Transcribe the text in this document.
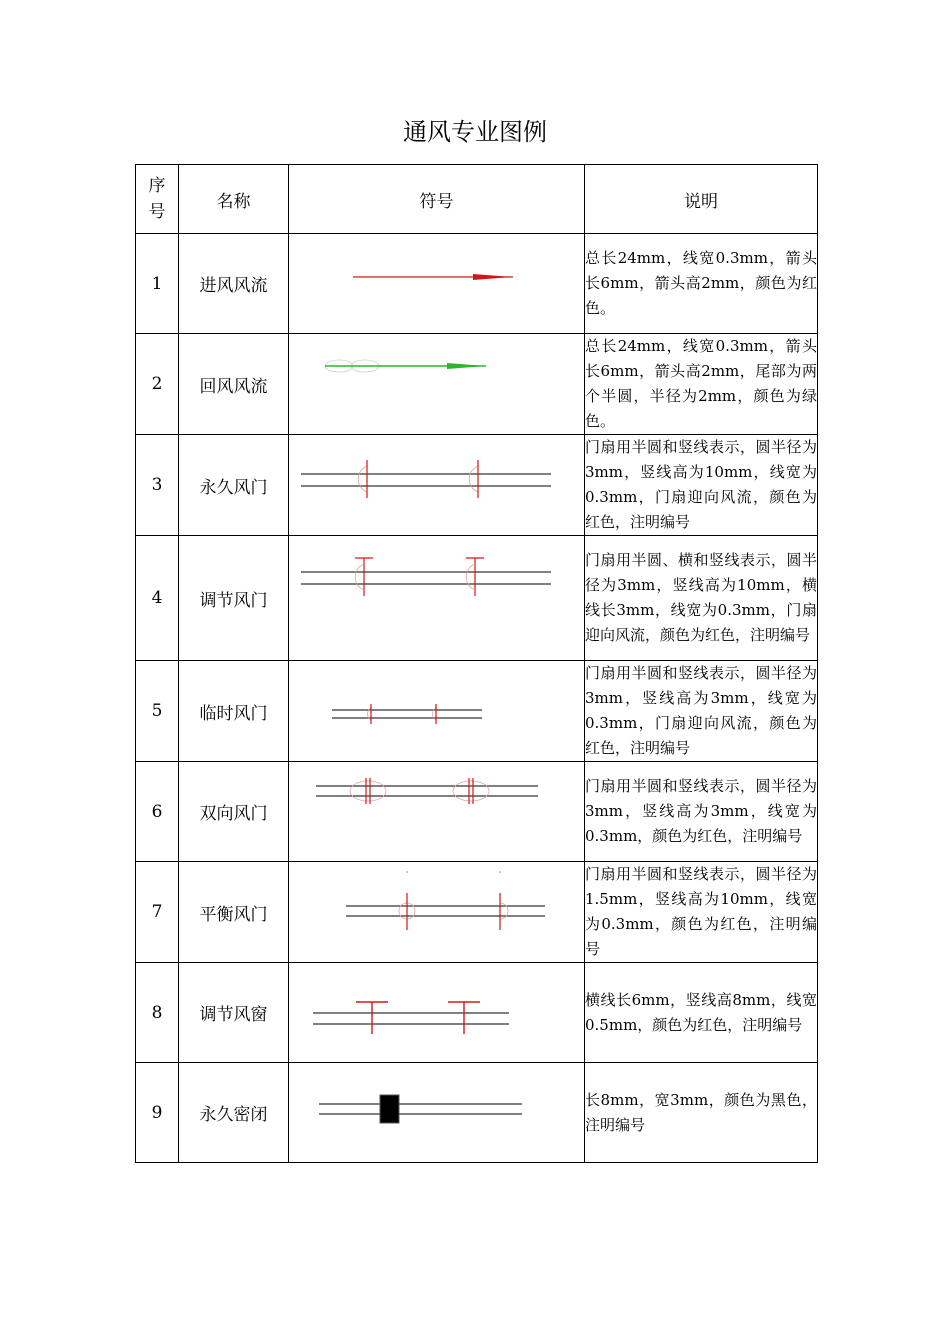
通风专业图例
序
号	名称	符号	说明
1	进风风流		总长24mm，线宽0.3mm，箭头长6mm，箭头高2mm，颜色为红色。
2	回风风流		总长24mm，线宽0.3mm，箭头长6mm，箭头高2mm，尾部为两个半圆，半径为2mm，颜色为绿色。
3	永久风门		门扇用半圆和竖线表示，圆半径为3mm，竖线高为10mm，线宽为0.3mm，门扇迎向风流，颜色为红色，注明编号
4	调节风门		门扇用半圆、横和竖线表示，圆半径为3mm，竖线高为10mm，横线长3mm，线宽为0.3mm，门扇迎向风流，颜色为红色，注明编号
5	临时风门		门扇用半圆和竖线表示，圆半径为3mm，竖线高为3mm，线宽为0.3mm，门扇迎向风流，颜色为红色，注明编号
6	双向风门		门扇用半圆和竖线表示，圆半径为3mm，竖线高为3mm，线宽为0.3mm，颜色为红色，注明编号
7	平衡风门		门扇用半圆和竖线表示，圆半径为1.5mm，竖线高为10mm，线宽为0.3mm，颜色为红色，注明编号
8	调节风窗		横线长6mm，竖线高8mm，线宽0.5mm，颜色为红色，注明编号
9	永久密闭		长8mm，宽3mm，颜色为黑色，注明编号
